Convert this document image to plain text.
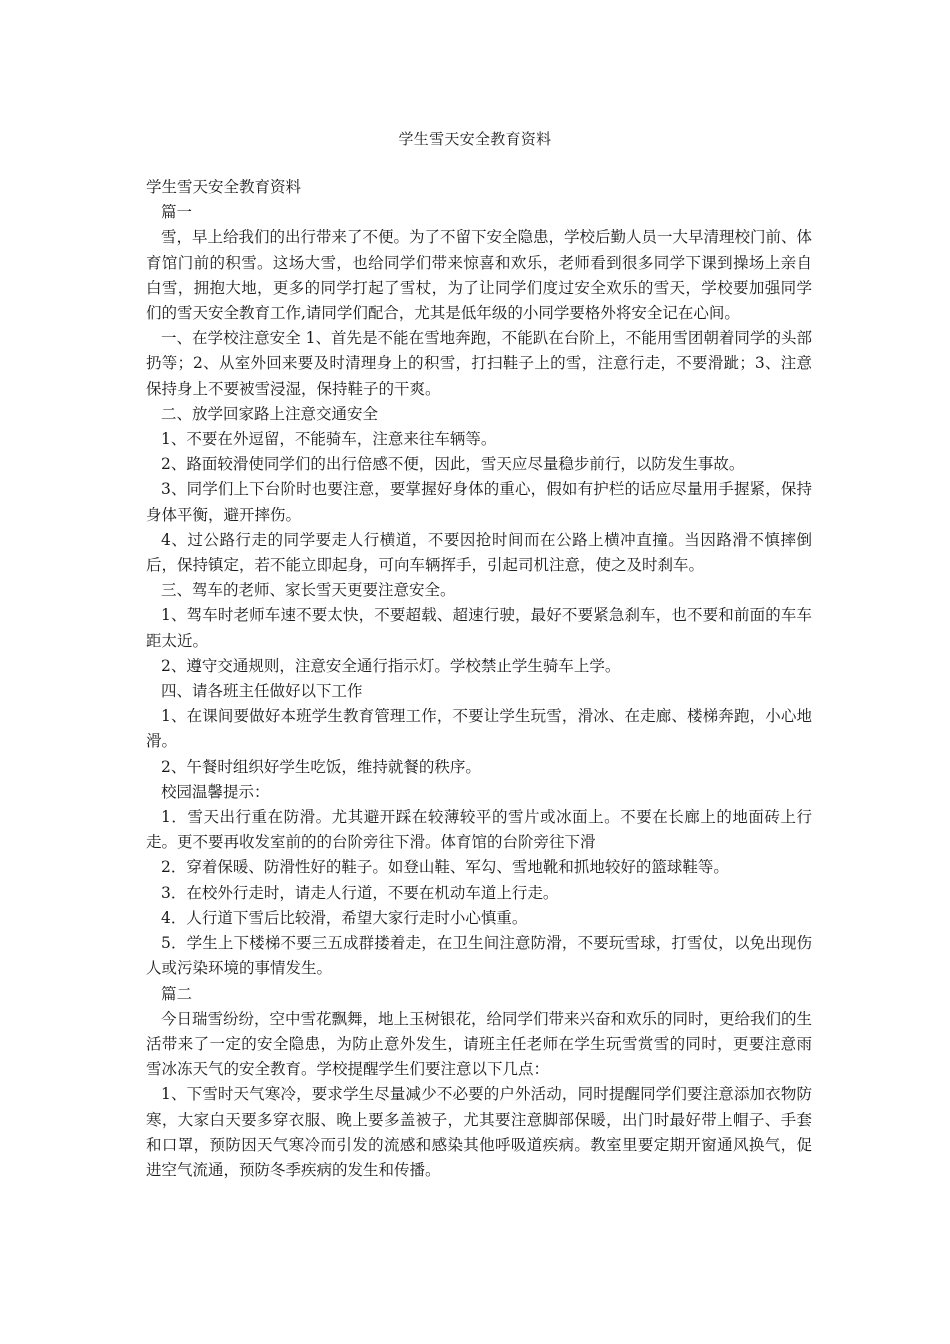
学生雪天安全教育资料

学生雪天安全教育资料

篇一

雪，早上给我们的出行带来了不便。为了不留下安全隐患，学校后勤人员一大早清理校门前、体育馆门前的积雪。这场大雪，也给同学们带来惊喜和欢乐，老师看到很多同学下课到操场上亲自白雪，拥抱大地，更多的同学打起了雪杖，为了让同学们度过安全欢乐的雪天，学校要加强同学们的雪天安全教育工作,请同学们配合，尤其是低年级的小同学要格外将安全记在心间。

一、在学校注意安全 1、首先是不能在雪地奔跑，不能趴在台阶上，不能用雪团朝着同学的头部扔等；2、从室外回来要及时清理身上的积雪，打扫鞋子上的雪，注意行走，不要滑跐；3、注意保持身上不要被雪浸湿，保持鞋子的干爽。

二、放学回家路上注意交通安全

1、不要在外逗留，不能骑车，注意来往车辆等。

2、路面较滑使同学们的出行倍感不便，因此，雪天应尽量稳步前行，以防发生事故。

3、同学们上下台阶时也要注意，要掌握好身体的重心，假如有护栏的话应尽量用手握紧，保持身体平衡，避开摔伤。

4、过公路行走的同学要走人行横道，不要因抢时间而在公路上横冲直撞。当因路滑不慎摔倒后，保持镇定，若不能立即起身，可向车辆挥手，引起司机注意，使之及时刹车。

三、驾车的老师、家长雪天更要注意安全。

1、驾车时老师车速不要太快，不要超载、超速行驶，最好不要紧急刹车，也不要和前面的车车距太近。

2、遵守交通规则，注意安全通行指示灯。学校禁止学生骑车上学。

四、请各班主任做好以下工作

1、在课间要做好本班学生教育管理工作，不要让学生玩雪，滑冰、在走廊、楼梯奔跑，小心地滑。

2、午餐时组织好学生吃饭，维持就餐的秩序。

校园温馨提示：

1．雪天出行重在防滑。尤其避开踩在较薄较平的雪片或冰面上。不要在长廊上的地面砖上行走。更不要再收发室前的的台阶旁往下滑。体育馆的台阶旁往下滑

2．穿着保暖、防滑性好的鞋子。如登山鞋、军勾、雪地靴和抓地较好的篮球鞋等。

3．在校外行走时，请走人行道，不要在机动车道上行走。

4．人行道下雪后比较滑，希望大家行走时小心慎重。

5．学生上下楼梯不要三五成群搂着走，在卫生间注意防滑，不要玩雪球，打雪仗，以免出现伤人或污染环境的事情发生。

篇二

今日瑞雪纷纷，空中雪花飘舞，地上玉树银花，给同学们带来兴奋和欢乐的同时，更给我们的生活带来了一定的安全隐患，为防止意外发生，请班主任老师在学生玩雪赏雪的同时，更要注意雨雪冰冻天气的安全教育。学校提醒学生们要注意以下几点：

1、下雪时天气寒冷，要求学生尽量减少不必要的户外活动，同时提醒同学们要注意添加衣物防寒，大家白天要多穿衣服、晚上要多盖被子，尤其要注意脚部保暖，出门时最好带上帽子、手套和口罩，预防因天气寒冷而引发的流感和感染其他呼吸道疾病。教室里要定期开窗通风换气，促进空气流通，预防冬季疾病的发生和传播。
